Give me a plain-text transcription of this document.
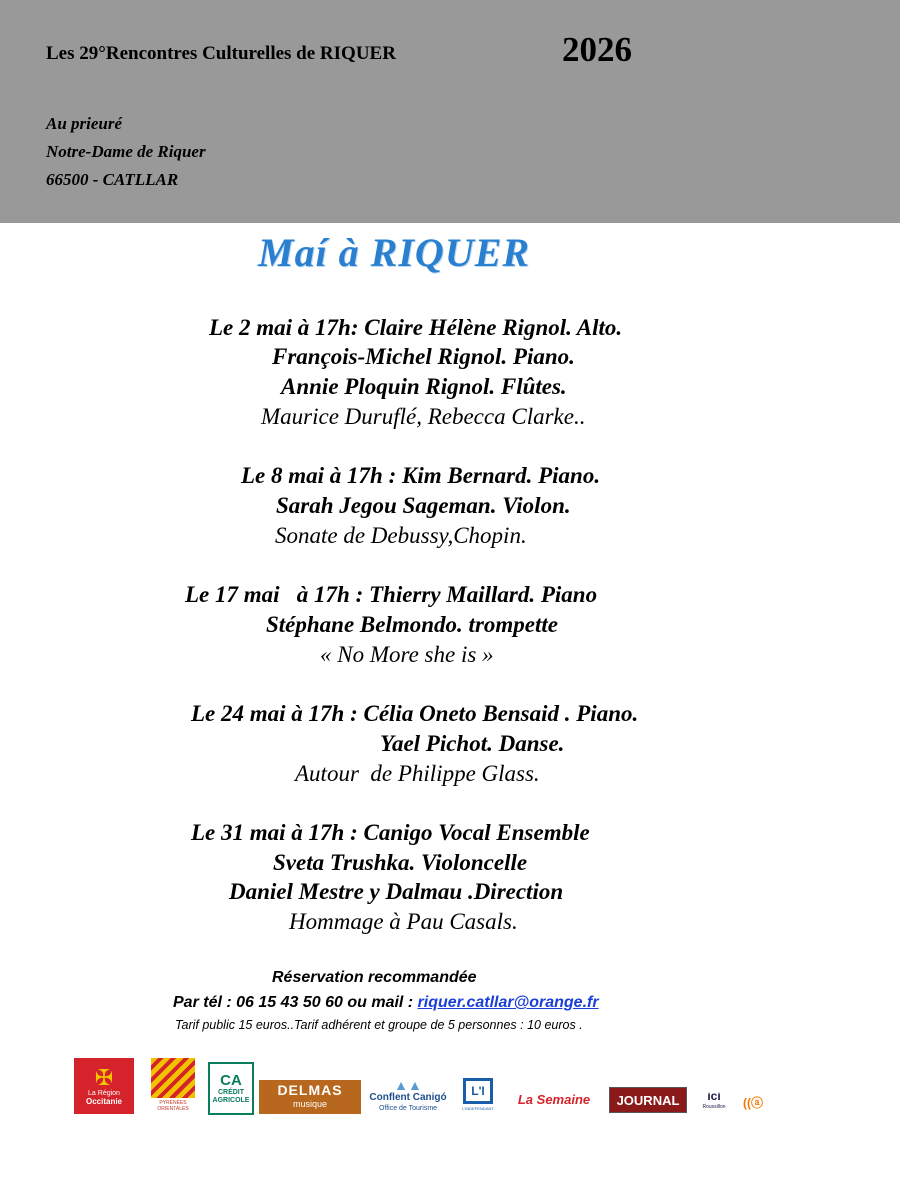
Les 29°Rencontres Culturelles de RIQUER	2026
Au prieuré
Notre-Dame de Riquer
66500 - CATLLAR
Maí à RIQUER
Le 2 mai à 17h: Claire Hélène Rignol. Alto.
François-Michel Rignol. Piano.
Annie Ploquin Rignol. Flûtes.
Maurice Duruflé, Rebecca Clarke..
Le 8 mai à 17h : Kim Bernard. Piano.
Sarah Jegou Sageman. Violon.
Sonate de Debussy,Chopin.
Le 17 mai   à 17h : Thierry Maillard. Piano
Stéphane Belmondo. trompette
« No More she is »
Le 24 mai à 17h : Célia Oneto Bensaid . Piano.
Yael Pichot. Danse.
Autour  de Philippe Glass.
Le 31 mai à 17h : Canigo Vocal Ensemble
Sveta Trushka. Violoncelle
Daniel Mestre y Dalmau .Direction
Hommage à Pau Casals.
Réservation recommandée
Par tél : 06 15 43 50 60 ou mail : riquer.catllar@orange.fr
Tarif public 15 euros..Tarif adhérent et groupe de 5 personnes : 10 euros .
✠
La Région
Occitanie	PYRÉNÉES ORIENTALES
CA
CRÉDIT
AGRICOLE
DELMAS
musique
▲▲
Conflent Canigó
Office de Tourisme
L'I
L'INDEPENDANT
La Semaine	JOURNAL	ici
Roussillon	((ⓐ
